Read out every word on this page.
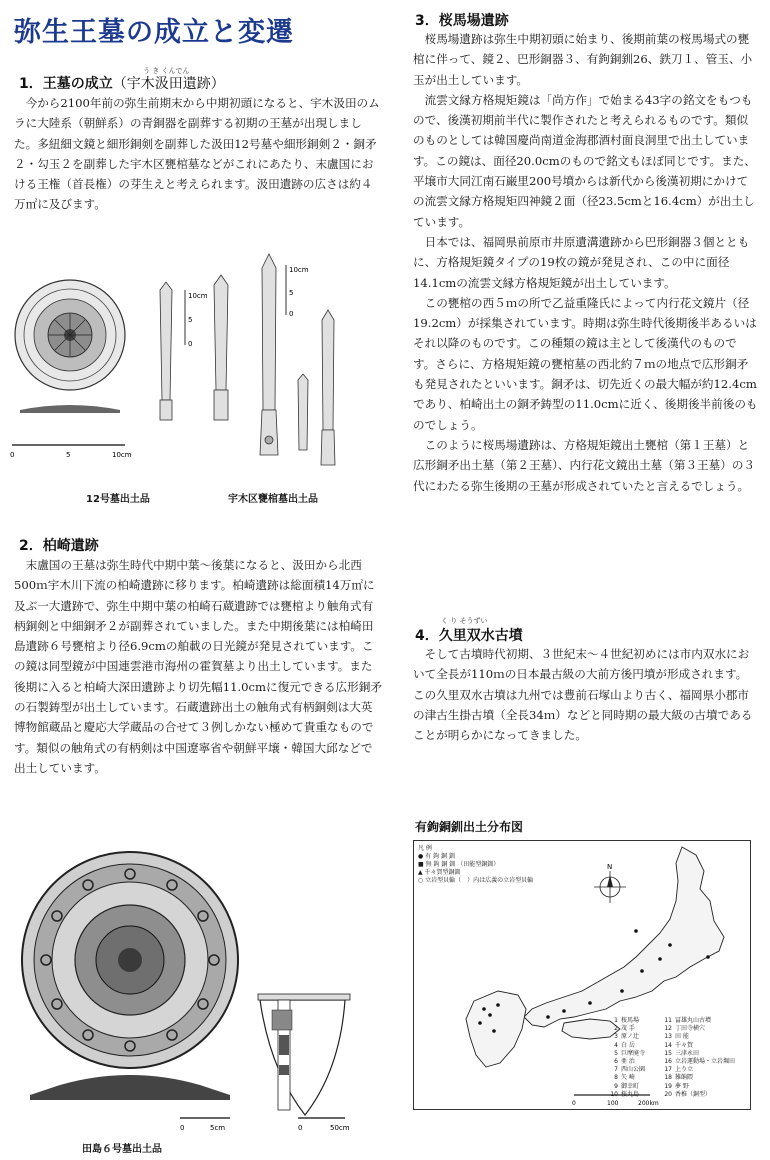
弥生王墓の成立と変遷
う き くんでん
1．王墓の成立（宇木汲田遺跡）

今から2100年前の弥生前期末から中期初頭になると、宇木汲田のムラに大陸系（朝鮮系）の青銅器を副葬する初期の王墓が出現しました。多紐細文鏡と細形銅剣を副葬した汲田12号墓や細形銅剣２・銅矛２・勾玉２を副葬した宇木区甕棺墓などがこれにあたり、末盧国における王権（首長権）の芽生えと考えられます。汲田遺跡の広さは約４万㎡に及びます。

0	5	10cm
10cm
5
0
10cm
5
0
12号墓出土品	宇木区甕棺墓出土品
2．柏崎遺跡

末盧国の王墓は弥生時代中期中葉～後葉になると、汲田から北西500ｍ宇木川下流の柏崎遺跡に移ります。柏崎遺跡は総面積14万㎡に及ぶ一大遺跡で、弥生中期中葉の柏崎石蔵遺跡では甕棺より触角式有柄銅剣と中細銅矛２が副葬されていました。また中期後葉には柏崎田島遺跡６号甕棺より径6.9cmの舶載の日光鏡が発見されています。この鏡は同型鏡が中国連雲港市海州の霍賀墓より出土しています。また後期に入ると柏崎大深田遺跡より切先幅11.0cmに復元できる広形銅矛の石製鋳型が出土しています。石蔵遺跡出土の触角式有柄銅剣は大英博物館蔵品と慶応大学蔵品の合せて３例しかない極めて貴重なものです。類似の触角式の有柄剣は中国遼寧省や朝鮮平壌・韓国大邱などで出土しています。

0	5cm	0	50cm
田島６号墓出土品
3．桜馬場遺跡

桜馬場遺跡は弥生中期初頭に始まり、後期前葉の桜馬場式の甕棺に伴って、鏡２、巴形銅器３、有鉤銅釧26、鉄刀１、管玉、小玉が出土しています。

流雲文縁方格規矩鏡は「尚方作」で始まる43字の銘文をもつもので、後漢初期前半代に製作されたと考えられるものです。類似のものとしては韓国慶尚南道金海郡酒村面良洞里で出土しています。この鏡は、面径20.0cmのもので銘文もほぼ同じです。また、平壌市大同江南石巌里200号墳からは新代から後漢初期にかけての流雲文縁方格規矩四神鏡２面（径23.5cmと16.4cm）が出土しています。

日本では、福岡県前原市井原遺溝遺跡から巴形銅器３個とともに、方格規矩鏡タイプの19枚の鏡が発見され、この中に面径14.1cmの流雲文縁方格規矩鏡が出土しています。

この甕棺の西５ｍの所で乙益重隆氏によって内行花文鏡片（径19.2cm）が採集されています。時期は弥生時代後期後半あるいはそれ以降のものです。この種類の鏡は主として後漢代のものです。さらに、方格規矩鏡の甕棺墓の西北約７ｍの地点で広形銅矛も発見されたといいます。銅矛は、切先近くの最大幅が約12.4cmであり、柏崎出土の銅矛鋳型の11.0cmに近く、後期後半前後のものでしょう。

このように桜馬場遺跡は、方格規矩鏡出土甕棺（第１王墓）と広形銅矛出土墓（第２王墓）、内行花文鏡出土墓（第３王墓）の３代にわたる弥生後期の王墓が形成されていたと言えるでしょう。

く り そうずい
4．久里双水古墳

そして古墳時代初期、３世紀末～４世紀初めには市内双水において全長が110ｍの日本最古級の大前方後円墳が形成されます。この久里双水古墳は九州では豊前石塚山より古く、福岡県小郡市の津古生掛古墳（全長34ｍ）などと同時期の最大級の古墳であることが明らかになってきました。

有鉤銅釧出土分布図
凡 例
● 有 鉤 銅 釧
■ 無 鉤 銅 釧 （田能型銅釧）
▲ 千々賀型銅釧
○ 立岩型貝輪（　）内は広義の立岩型貝輪
N
0	100	200km
1 桜馬場
2 茂 手
3 原ノ辻
4 白 岳
5 巨摩廃寺
6 亜 治
7 西山公園
8 矢 崎
9 御幸町
10 桜丸島
11 冨雄丸山古墳
12 丁田寺横穴
13 田 能
14 千々賀
15 三津永田
16 立岩運動場・立岩堀田
17 上り立
18 雑餉隈
19 夢 野
20 香椎（銅型）
